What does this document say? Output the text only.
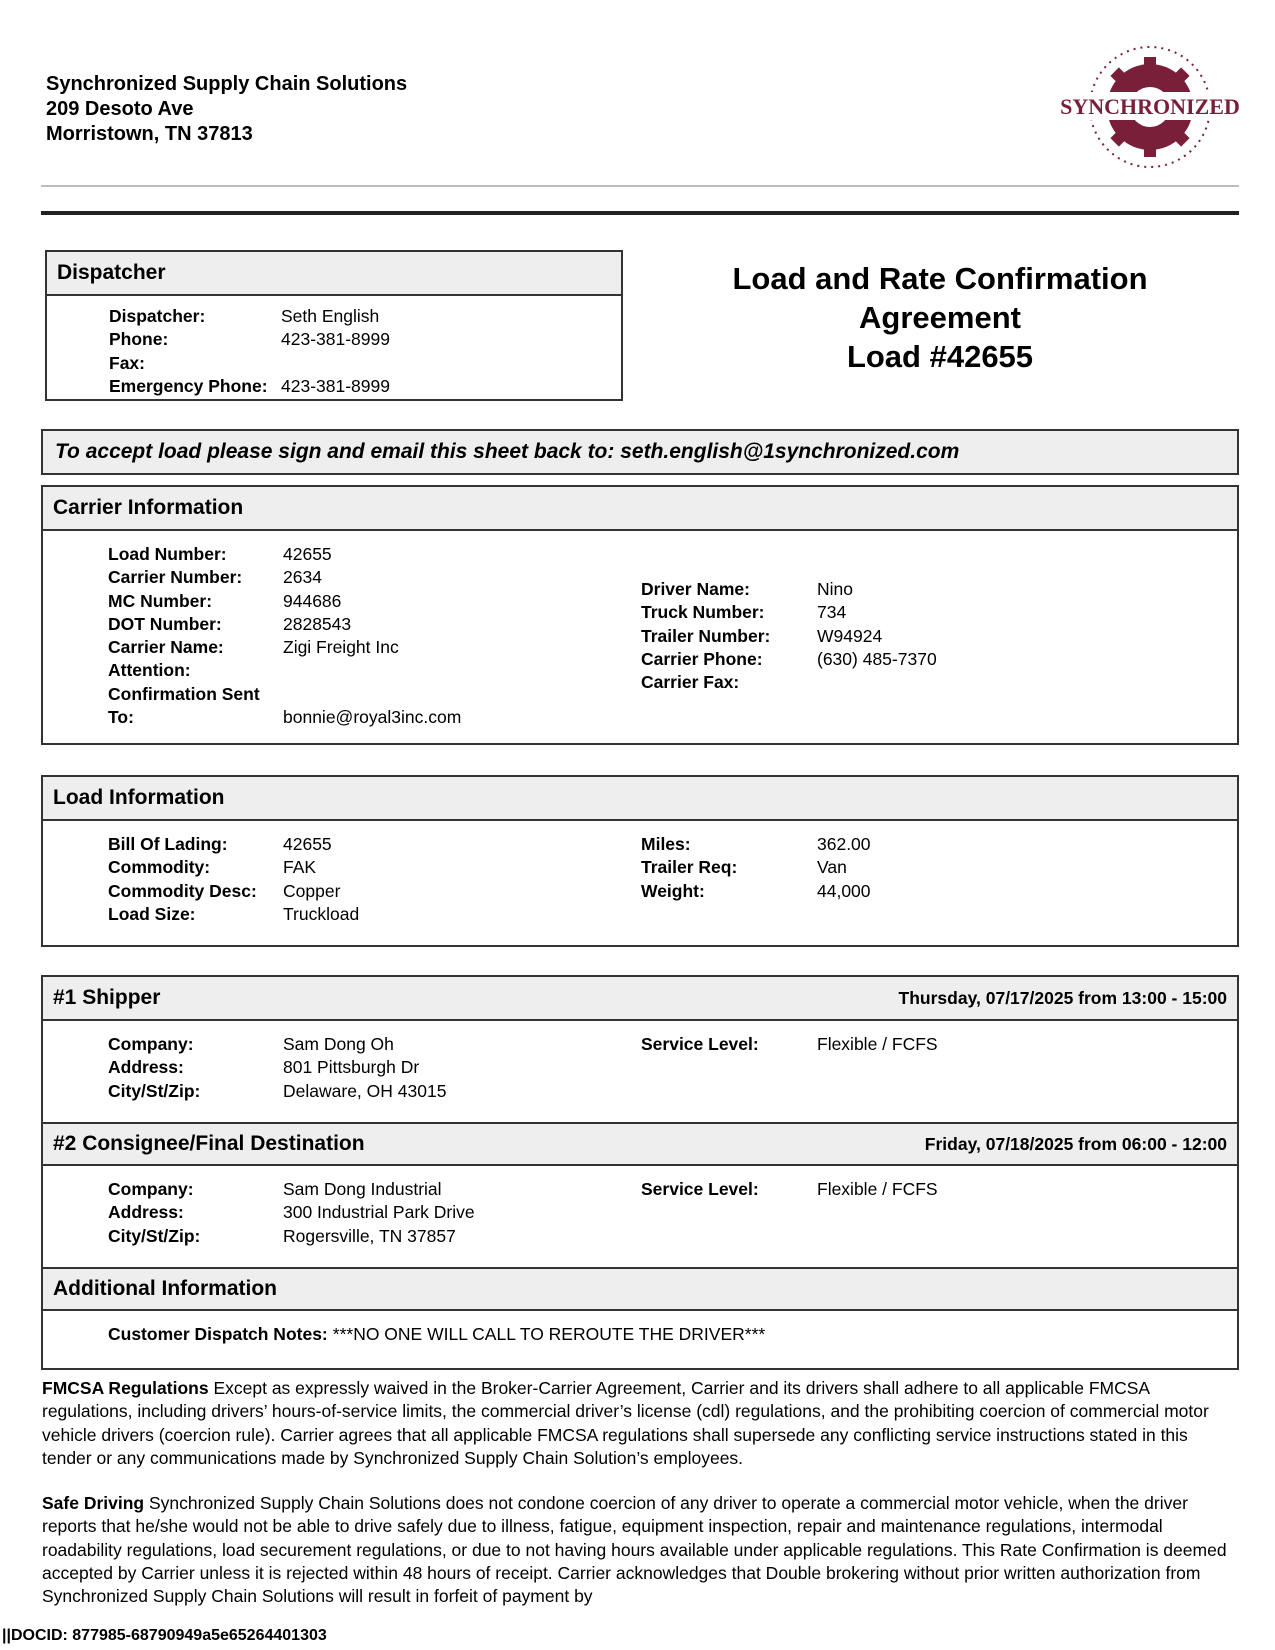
Synchronized Supply Chain Solutions
209 Desoto Ave
Morristown, TN 37813
SYNCHRONIZED
Dispatcher
Dispatcher:	Seth English
Phone:	423-381-8999
Fax:
Emergency Phone: 423-381-8999
Load and Rate Confirmation
Agreement
Load #42655
To accept load please sign and email this sheet back to: seth.english@1synchronized.com
Carrier Information
Load Number:	42655
Carrier Number:	2634
MC Number:	944686
DOT Number:	2828543
Carrier Name:	Zigi Freight Inc
Attention:
Confirmation Sent
To:	bonnie@royal3inc.com
Driver Name:	Nino
Truck Number:	734
Trailer Number:	W94924
Carrier Phone:	(630) 485-7370
Carrier Fax:
Load Information
Bill Of Lading:	42655
Commodity:	FAK
Commodity Desc:	Copper
Load Size:	Truckload
Miles:	362.00
Trailer Req:	Van
Weight:	44,000
#1 Shipper	Thursday, 07/17/2025 from 13:00 - 15:00
Company:	Sam Dong Oh
Address:	801 Pittsburgh Dr
City/St/Zip:	Delaware, OH 43015
Service Level:	Flexible / FCFS
#2 Consignee/Final Destination	Friday, 07/18/2025 from 06:00 - 12:00
Company:	Sam Dong Industrial
Address:	300 Industrial Park Drive
City/St/Zip:	Rogersville, TN 37857
Service Level:	Flexible / FCFS
Additional Information
Customer Dispatch Notes: ***NO ONE WILL CALL TO REROUTE THE DRIVER***
FMCSA Regulations Except as expressly waived in the Broker-Carrier Agreement, Carrier and its drivers shall adhere to all applicable FMCSA regulations, including drivers’ hours-of-service limits, the commercial driver’s license (cdl) regulations, and the prohibiting coercion of commercial motor vehicle drivers (coercion rule). Carrier agrees that all applicable FMCSA regulations shall supersede any conflicting service instructions stated in this tender or any communications made by Synchronized Supply Chain Solution’s employees.
Safe Driving Synchronized Supply Chain Solutions does not condone coercion of any driver to operate a commercial motor vehicle, when the driver reports that he/she would not be able to drive safely due to illness, fatigue, equipment inspection, repair and maintenance regulations, intermodal roadability regulations, load securement regulations, or due to not having hours available under applicable regulations. This Rate Confirmation is deemed accepted by Carrier unless it is rejected within 48 hours of receipt. Carrier acknowledges that Double brokering without prior written authorization from Synchronized Supply Chain Solutions will result in forfeit of payment by
||DOCID: 877985-68790949a5e65264401303
